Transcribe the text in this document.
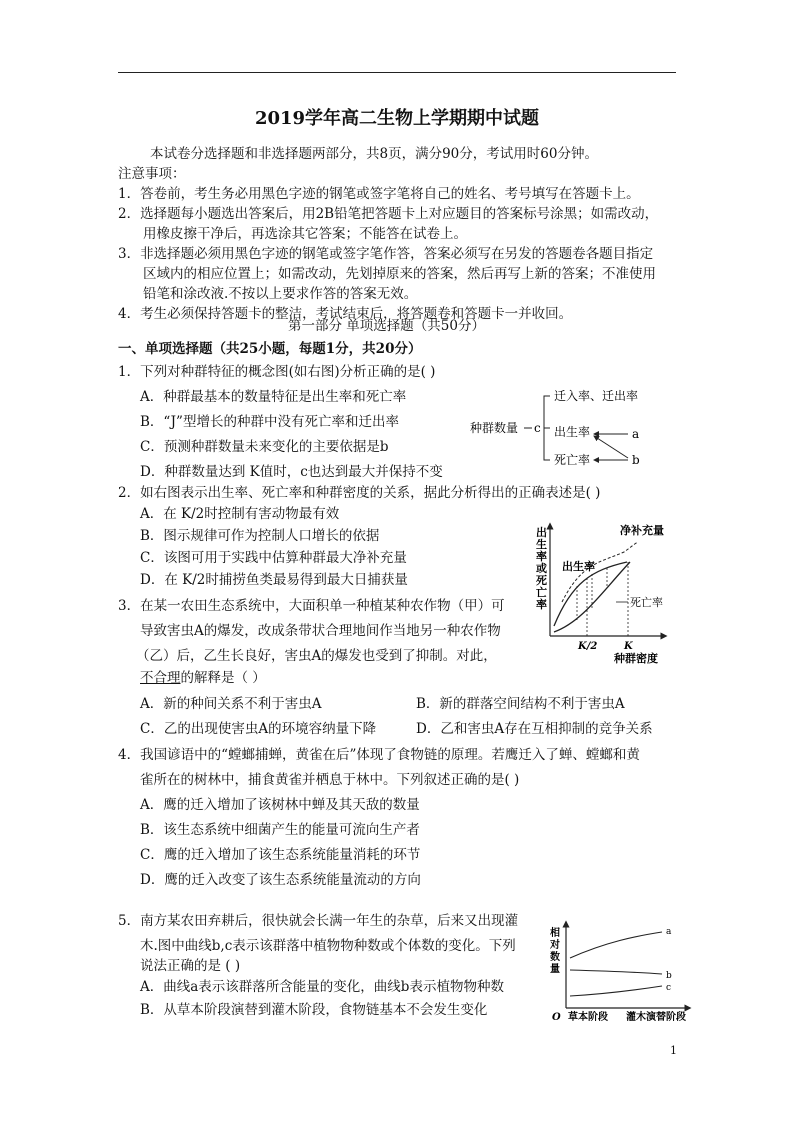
2019学年高二生物上学期期中试题
本试卷分选择题和非选择题两部分，共8页，满分90分，考试用时60分钟。
注意事项：
1．答卷前，考生务必用黑色字迹的钢笔或签字笔将自己的姓名、考号填写在答题卡上。
2．选择题每小题选出答案后，用2B铅笔把答题卡上对应题目的答案标号涂黑；如需改动，
用橡皮擦干净后，再选涂其它答案；不能答在试卷上。
3．非选择题必须用黑色字迹的钢笔或签字笔作答，答案必须写在另发的答题卷各题目指定
区域内的相应位置上；如需改动，先划掉原来的答案，然后再写上新的答案；不准使用
铅笔和涂改液.不按以上要求作答的答案无效。
4．考生必须保持答题卡的整洁，考试结束后，将答题卷和答题卡一并收回。
第一部分 单项选择题（共50分）
一、单项选择题（共25小题，每题1分，共20分）
1．下列对种群特征的概念图(如右图)分析正确的是( )
A．种群最基本的数量特征是出生率和死亡率
B．“J”型增长的种群中没有死亡率和迁出率
C．预测种群数量未来变化的主要依据是b
D．种群数量达到 K值时，c也达到最大并保持不变
种群数量 c
迁入率、迁出率
出生率
死亡率
a
b
2．如右图表示出生率、死亡率和种群密度的关系，据此分析得出的正确表述是( )
A．在 K/2时控制有害动物最有效
B．图示规律可作为控制人口增长的依据
C．该图可用于实践中估算种群最大净补充量
D．在 K/2时捕捞鱼类最易得到最大日捕获量
出
生
率
或
死
亡
率
净补充量
出生率
死亡率
K/2	K
种群密度
3．在某一农田生态系统中，大面积单一种植某种农作物（甲）可
导致害虫A的爆发，改成条带状合理地间作当地另一种农作物
（乙）后，乙生长良好，害虫A的爆发也受到了抑制。对此，
不合理的解释是（ ）
A．新的种间关系不利于害虫A	B．新的群落空间结构不利于害虫A
C．乙的出现使害虫A的环境容纳量下降	D．乙和害虫A存在互相抑制的竞争关系
4．我国谚语中的“螳螂捕蝉，黄雀在后”体现了食物链的原理。若鹰迁入了蝉、螳螂和黄
雀所在的树林中，捕食黄雀并栖息于林中。下列叙述正确的是( )
A．鹰的迁入增加了该树林中蝉及其天敌的数量
B．该生态系统中细菌产生的能量可流向生产者
C．鹰的迁入增加了该生态系统能量消耗的环节
D．鹰的迁入改变了该生态系统能量流动的方向
5．南方某农田弃耕后，很快就会长满一年生的杂草，后来又出现灌
木.图中曲线b,c表示该群落中植物物种数或个体数的变化。下列
说法正确的是 ( )
A．曲线a表示该群落所含能量的变化，曲线b表示植物物种数
B．从草本阶段演替到灌木阶段，食物链基本不会发生变化
相
对
数
量
a
b
c
O 草本阶段 灌木演替阶段
1
